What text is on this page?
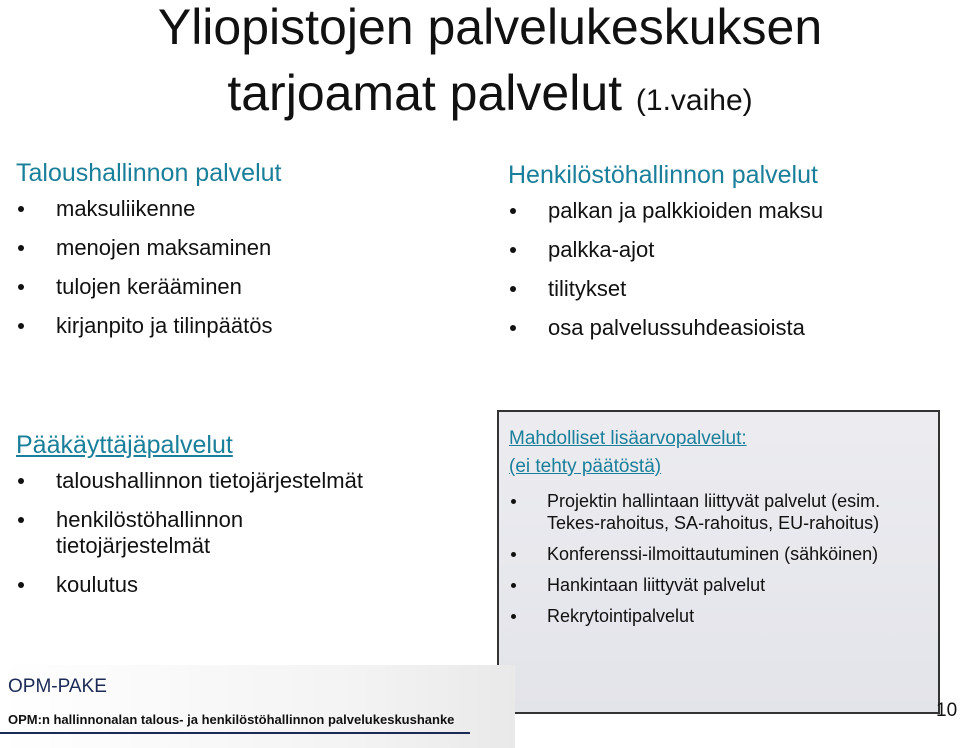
Yliopistojen palvelukeskuksen
tarjoamat palvelut (1.vaihe)
Taloushallinnon palvelut
maksuliikenne
menojen maksaminen
tulojen kerääminen
kirjanpito ja tilinpäätös
Henkilöstöhallinnon palvelut
palkan ja palkkioiden maksu
palkka-ajot
tilitykset
osa palvelussuhdeasioista
Pääkäyttäjäpalvelut
taloushallinnon tietojärjestelmät
henkilöstöhallinnon tietojärjestelmät
koulutus
Mahdolliset lisäarvopalvelut:
(ei tehty päätöstä)
Projektin hallintaan liittyvät palvelut (esim. Tekes-rahoitus, SA-rahoitus, EU-rahoitus)
Konferenssi-ilmoittautuminen (sähköinen)
Hankintaan liittyvät palvelut
Rekrytointipalvelut
OPM-PAKE
OPM:n hallinnonalan talous- ja henkilöstöhallinnon palvelukeskushanke	10
